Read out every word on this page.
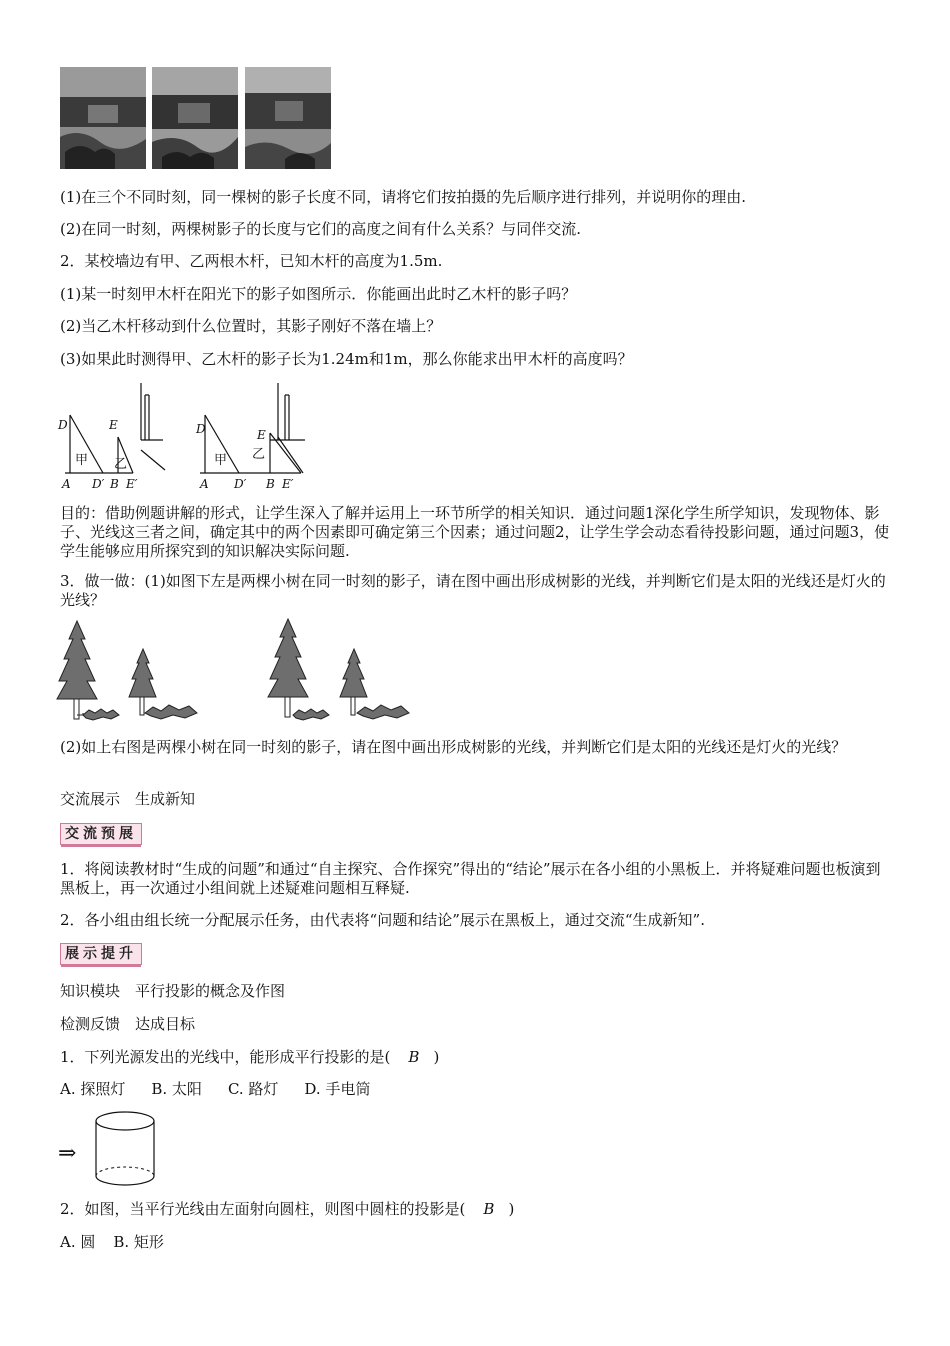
(1)在三个不同时刻，同一棵树的影子长度不同，请将它们按拍摄的先后顺序进行排列，并说明你的理由.
(2)在同一时刻，两棵树影子的长度与它们的高度之间有什么关系？与同伴交流.
2．某校墙边有甲、乙两根木杆，已知木杆的高度为1.5m.
(1)某一时刻甲木杆在阳光下的影子如图所示．你能画出此时乙木杆的影子吗？
(2)当乙木杆移动到什么位置时，其影子刚好不落在墙上？
(3)如果此时测得甲、乙木杆的影子长为1.24m和1m，那么你能求出甲木杆的高度吗？
D	E
甲 乙
A D′ B E′
D	E
甲 乙
A D′ B E′
目的：借助例题讲解的形式，让学生深入了解并运用上一环节所学的相关知识．通过问题1深化学生所学知识，发现物体、影子、光线这三者之间，确定其中的两个因素即可确定第三个因素；通过问题2，让学生学会动态看待投影问题，通过问题3，使学生能够应用所探究到的知识解决实际问题.
3．做一做：(1)如图下左是两棵小树在同一时刻的影子，请在图中画出形成树影的光线，并判断它们是太阳的光线还是灯火的光线？
(2)如上右图是两棵小树在同一时刻的影子，请在图中画出形成树影的光线，并判断它们是太阳的光线还是灯火的光线？
交流展示　生成新知
交流预展
1．将阅读教材时“生成的问题”和通过“自主探究、合作探究”得出的“结论”展示在各小组的小黑板上．并将疑难问题也板演到黑板上，再一次通过小组间就上述疑难问题相互释疑.
2．各小组由组长统一分配展示任务，由代表将“问题和结论”展示在黑板上，通过交流“生成新知”.
展示提升
知识模块　平行投影的概念及作图
检测反馈　达成目标
1．下列光源发出的光线中，能形成平行投影的是( B )
A. 探照灯 B. 太阳 C. 路灯 D. 手电筒
⇒
2．如图，当平行光线由左面射向圆柱，则图中圆柱的投影是( B )
A. 圆 B. 矩形
